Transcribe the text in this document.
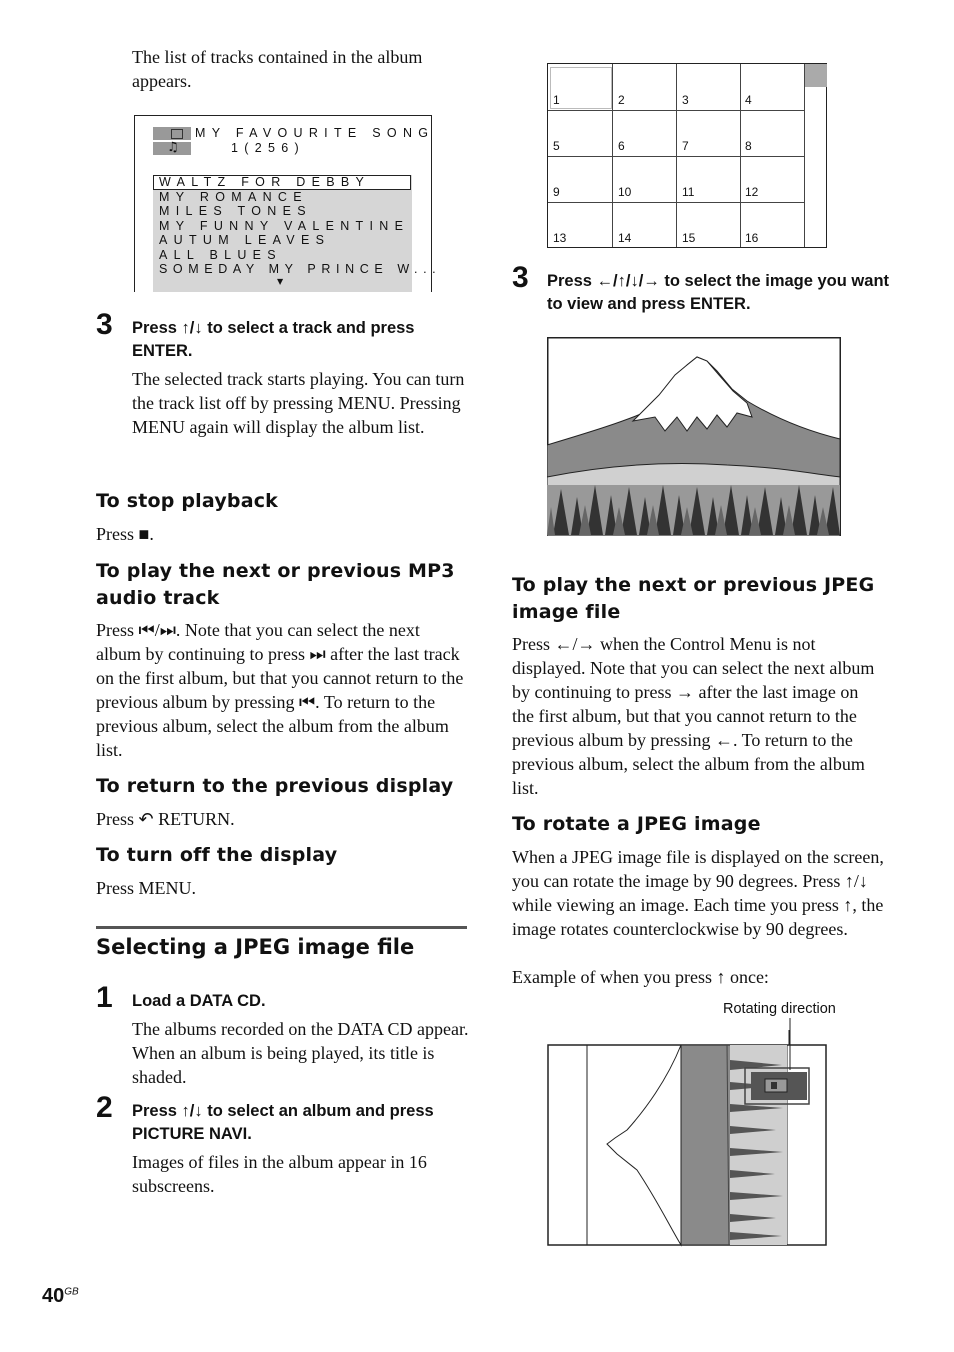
The list of tracks contained in the album appears.
♫
MY FAVOURITE SONG
1(256)
WALTZ FOR DEBBY
MY ROMANCE
MILES TONES
MY FUNNY VALENTINE
AUTUM LEAVES
ALL BLUES
SOMEDAY MY PRINCE W...
▼
3 Press ↑/↓ to select a track and press ENTER.
The selected track starts playing. You can turn the track list off by pressing MENU. Pressing MENU again will display the album list.
To stop playback
Press ■.
To play the next or previous MP3 audio track
Press ⏮/⏭. Note that you can select the next album by continuing to press ⏭ after the last track on the first album, but that you cannot return to the previous album by pressing ⏮. To return to the previous album, select the album from the album list.
To return to the previous display
Press ↶ RETURN.
To turn off the display
Press MENU.
Selecting a JPEG image file
1 Load a DATA CD.
The albums recorded on the DATA CD appear. When an album is being played, its title is shaded.
2 Press ↑/↓ to select an album and press PICTURE NAVI.
Images of files in the album appear in 16 subscreens.
1	2	3	4
5	6	7	8
9	10	11	12
13	14	15	16
3 Press ←/↑/↓/→ to select the image you want to view and press ENTER.
To play the next or previous JPEG image file
Press ←/→ when the Control Menu is not displayed. Note that you can select the next album by continuing to press → after the last image on the first album, but that you cannot return to the previous album by pressing ←. To return to the previous album, select the album from the album list.
To rotate a JPEG image
When a JPEG image file is displayed on the screen, you can rotate the image by 90 degrees. Press ↑/↓ while viewing an image. Each time you press ↑, the image rotates counterclockwise by 90 degrees.
Example of when you press ↑ once:
Rotating direction
$40^{GB}$
